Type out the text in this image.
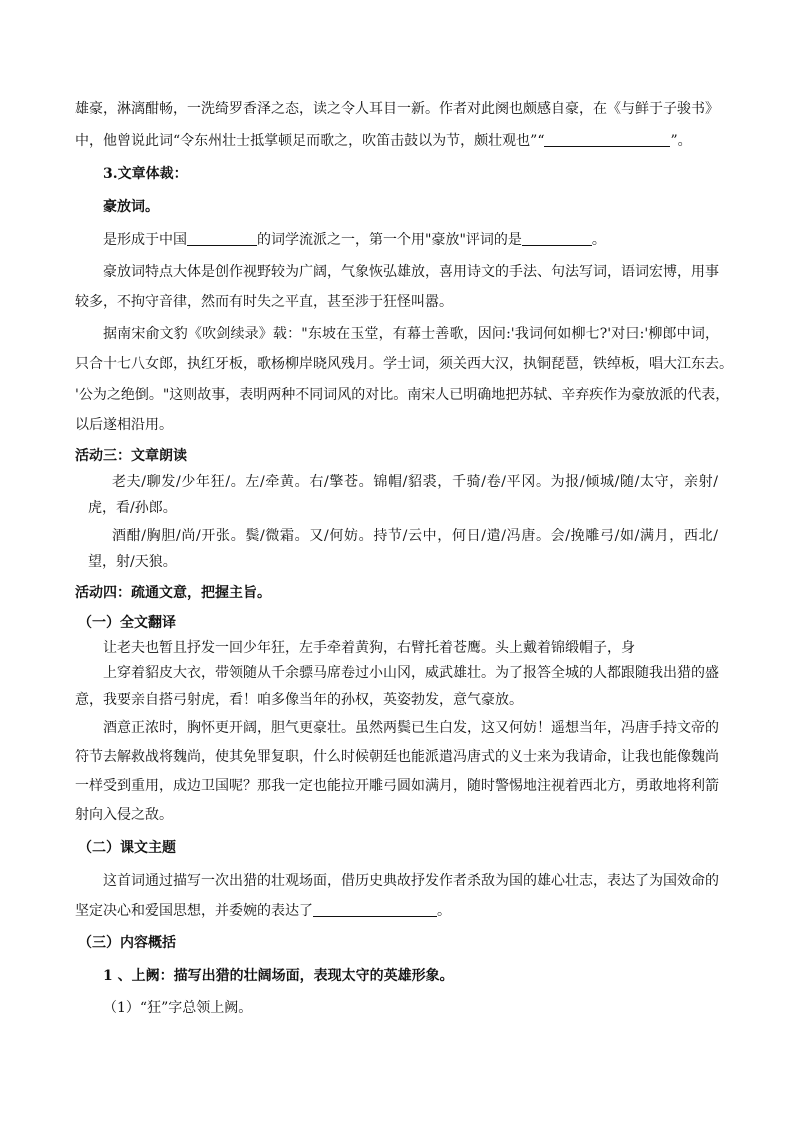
雄豪，淋漓酣畅，一洗绮罗香泽之态，读之令人耳目一新。作者对此阕也颇感自豪，在《与鲜于子骏书》
中，他曾说此词“令东州壮士抵掌顿足而歌之，吹笛击鼓以为节，颇壮观也”“	”。
3.文章体裁：
豪放词。
是形成于中国	的词学流派之一，第一个用"豪放"评词的是	。
豪放词特点大体是创作视野较为广阔，气象恢弘雄放，喜用诗文的手法、句法写词，语词宏博，用事
较多，不拘守音律，然而有时失之平直，甚至涉于狂怪叫嚣。
据南宋俞文豹《吹剑续录》载："东坡在玉堂，有幕士善歌，因问:'我词何如柳七?'对曰:'柳郎中词，
只合十七八女郎，执红牙板，歌杨柳岸晓风残月。学士词，须关西大汉，执铜琵琶，铁绰板，唱大江东去。
'公为之绝倒。"这则故事，表明两种不同词风的对比。南宋人已明确地把苏轼、辛弃疾作为豪放派的代表，
以后遂相沿用。
活动三：文章朗读
老夫/聊发/少年狂/。左/牵黄。右/擎苍。锦帽/貂裘，千骑/卷/平冈。为报/倾城/随/太守，亲射/
虎，看/孙郎。
酒酣/胸胆/尚/开张。鬓/微霜。又/何妨。持节/云中，何日/遣/冯唐。会/挽雕弓/如/满月，西北/
望，射/天狼。
活动四：疏通文意，把握主旨。
（一）全文翻译
让老夫也暂且抒发一回少年狂，左手牵着黄狗，右臂托着苍鹰。头上戴着锦缎帽子，身
上穿着貂皮大衣，带领随从千余骠马席卷过小山冈，威武雄壮。为了报答全城的人都跟随我出猎的盛
意，我要亲自搭弓射虎，看！咱多像当年的孙权，英姿勃发，意气豪放。
酒意正浓时，胸怀更开阔，胆气更豪壮。虽然两鬓已生白发，这又何妨！遥想当年，冯唐手持文帝的
符节去解救战将魏尚，使其免罪复职，什么时候朝廷也能派遣冯唐式的义士来为我请命，让我也能像魏尚
一样受到重用，成边卫国呢？那我一定也能拉开雕弓圆如满月，随时警惕地注视着西北方，勇敢地将利箭
射向入侵之敌。
（二）课文主题
这首词通过描写一次出猎的壮观场面，借历史典故抒发作者杀敌为国的雄心壮志，表达了为国效命的
坚定决心和爱国思想，并委婉的表达了	。
（三）内容概括
1 、上阙：描写出猎的壮阔场面，表现太守的英雄形象。
（1）“狂”字总领上阙。
